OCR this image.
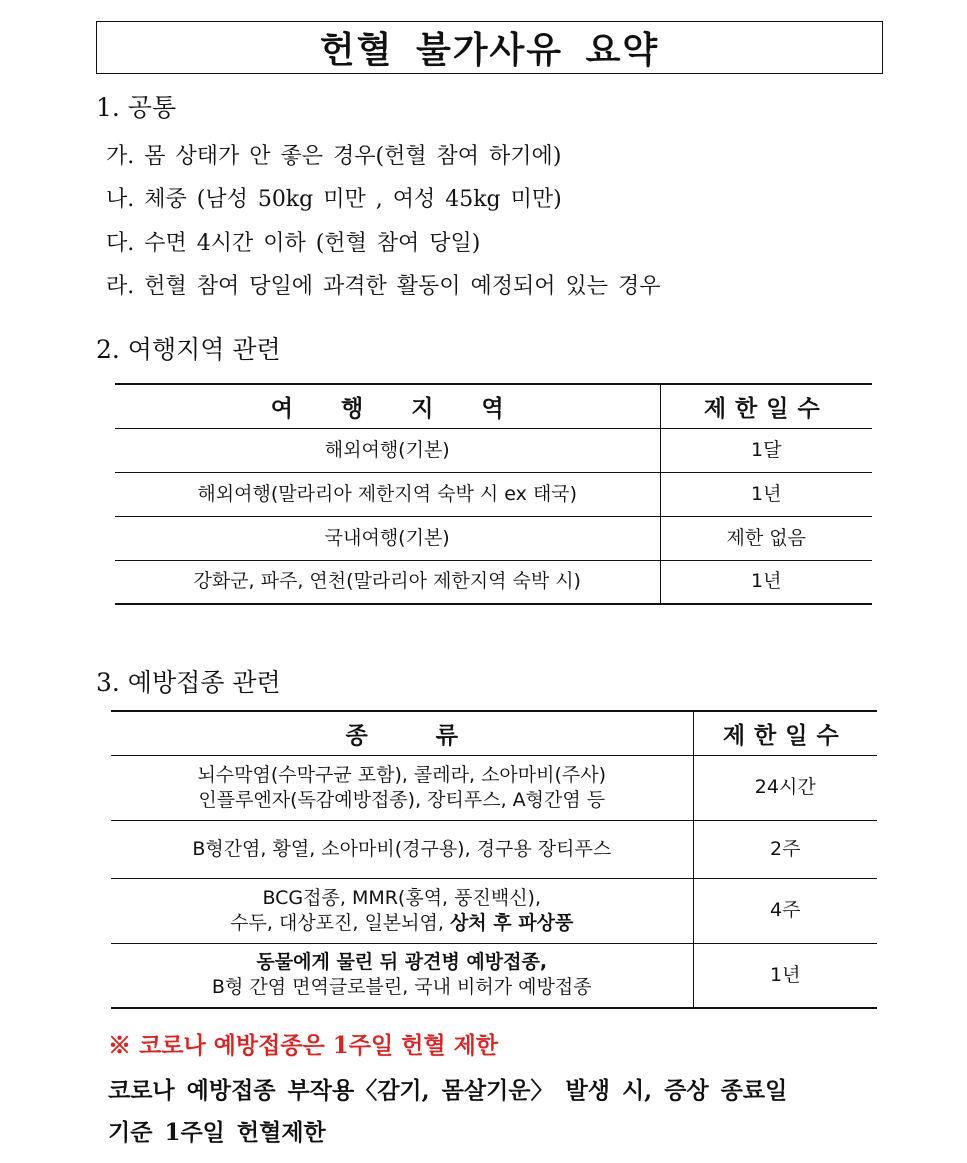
헌혈 불가사유 요약
1. 공통
가. 몸 상태가 안 좋은 경우(헌혈 참여 하기에)
나. 체중 (남성 50kg 미만 , 여성 45kg 미만)
다. 수면 4시간 이하 (헌혈 참여 당일)
라. 헌혈 참여 당일에 과격한 활동이 예정되어 있는 경우
2. 여행지역 관련
여 행 지 역	제한일수
해외여행(기본)	1달
해외여행(말라리아 제한지역 숙박 시 ex 태국)	1년
국내여행(기본)	제한 없음
강화군, 파주, 연천(말라리아 제한지역 숙박 시)	1년
3. 예방접종 관련
종 류	제한일수

뇌수막염(수막구균 포함), 콜레라, 소아마비(주사)
인플루엔자(독감예방접종), 장티푸스, A형간염 등	24시간

B형간염, 황열, 소아마비(경구용), 경구용 장티푸스	2주

BCG접종, MMR(홍역, 풍진백신),
수두, 대상포진, 일본뇌염, 상처 후 파상풍	4주

동물에게 물린 뒤 광견병 예방접종,
B형 간염 면역글로블린, 국내 비허가 예방접종	1년
※ 코로나 예방접종은 1주일 헌혈 제한
코로나 예방접종 부작용〈감기, 몸살기운〉 발생 시, 증상 종료일
기준 1주일 헌혈제한
